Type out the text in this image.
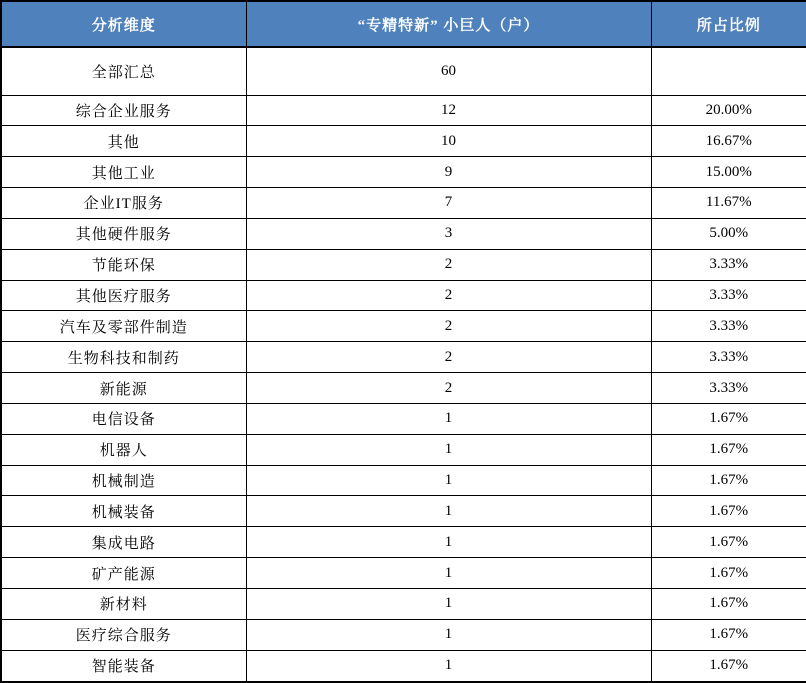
分析维度	“专精特新” 小巨人（户）	所占比例
全部汇总	60	
综合企业服务	12	20.00%
其他	10	16.67%
其他工业	9	15.00%
企业IT服务	7	11.67%
其他硬件服务	3	5.00%
节能环保	2	3.33%
其他医疗服务	2	3.33%
汽车及零部件制造	2	3.33%
生物科技和制药	2	3.33%
新能源	2	3.33%
电信设备	1	1.67%
机器人	1	1.67%
机械制造	1	1.67%
机械装备	1	1.67%
集成电路	1	1.67%
矿产能源	1	1.67%
新材料	1	1.67%
医疗综合服务	1	1.67%
智能装备	1	1.67%
